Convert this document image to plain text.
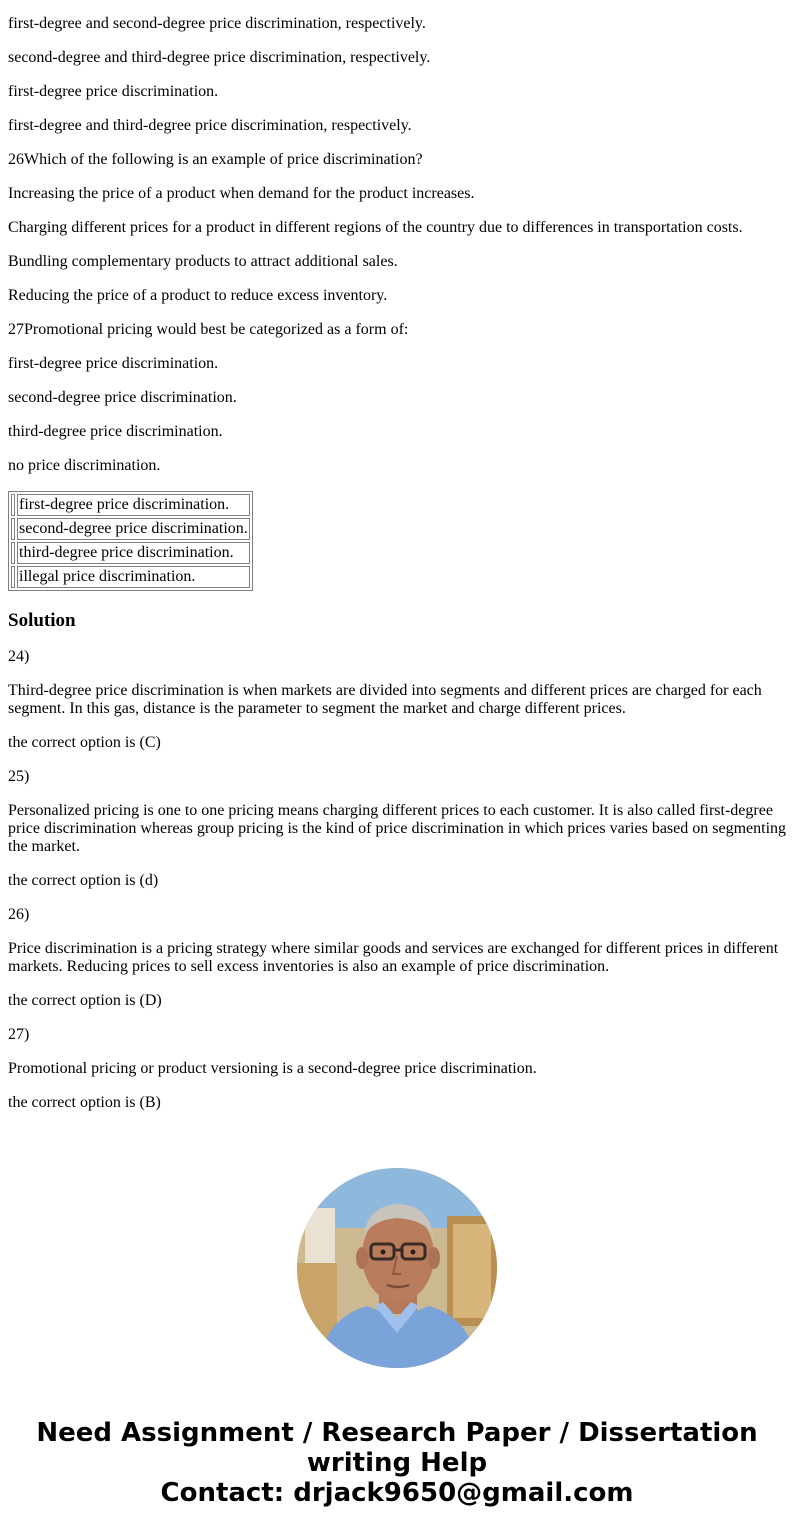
first-degree and second-degree price discrimination, respectively.

second-degree and third-degree price discrimination, respectively.

first-degree price discrimination.

first-degree and third-degree price discrimination, respectively.

26Which of the following is an example of price discrimination?

Increasing the price of a product when demand for the product increases.

Charging different prices for a product in different regions of the country due to differences in transportation costs.

Bundling complementary products to attract additional sales.

Reducing the price of a product to reduce excess inventory.

27Promotional pricing would best be categorized as a form of:

first-degree price discrimination.

second-degree price discrimination.

third-degree price discrimination.

no price discrimination.

	first-degree price discrimination.
	second-degree price discrimination.
	third-degree price discrimination.
	illegal price discrimination.
Solution

24)

Third-degree price discrimination is when markets are divided into segments and different prices are charged for each segment. In this gas, distance is the parameter to segment the market and charge different prices.

the correct option is (C)

25)

Personalized pricing is one to one pricing means charging different prices to each customer. It is also called first-degree price discrimination whereas group pricing is the kind of price discrimination in which prices varies based on segmenting the market.

the correct option is (d)

26)

Price discrimination is a pricing strategy where similar goods and services are exchanged for different prices in different markets. Reducing prices to sell excess inventories is also an example of price discrimination.

the correct option is (D)

27)

Promotional pricing or product versioning is a second-degree price discrimination.

the correct option is (B)

Need Assignment / Research Paper / Dissertation
writing Help
Contact: drjack9650@gmail.com
